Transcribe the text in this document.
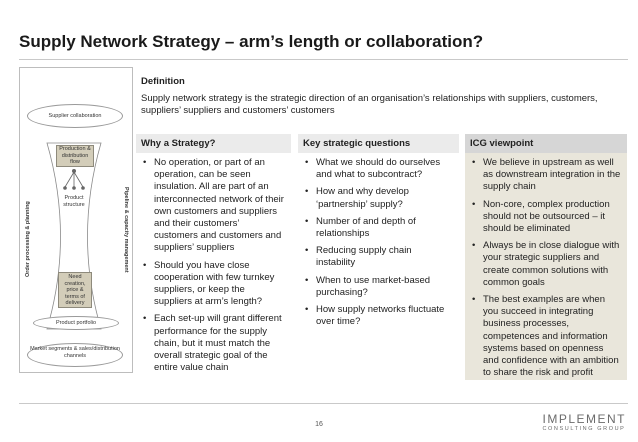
Supply Network Strategy – arm’s length or collaboration?
Supplier collaboration
Production & distribution flow
Product structure
Need creation, price & terms of delivery
Product portfolio
Market segments & sales/distribution channels
Order processing & planning	Pipeline & capacity management
Definition
Supply network strategy is the strategic direction of an organisation’s relationships with suppliers, customers, suppliers’ suppliers and customers’ customers
Why a Strategy?
• No operation, or part of an operation, can be seen insulation. All are part of an interconnected network of their own customers and suppliers and their customers’ customers and customers and suppliers’ suppliers
• Should you have close cooperation with few turnkey suppliers, or keep the suppliers at arm’s length?
• Each set-up will grant different performance for the supply chain, but it must match the overall strategic goal of the entire value chain
Key strategic questions
• What we should do ourselves and what to subcontract?
• How and why develop ‘partnership’ supply?
• Number of and depth of relationships
• Reducing supply chain instability
• When to use market-based purchasing?
• How supply networks fluctuate over time?
ICG viewpoint
• We believe in upstream as well as downstream integration in the supply chain
• Non-core, complex production should not be outsourced – it should be eliminated
• Always be in close dialogue with your strategic suppliers and create common solutions with common goals
• The best examples are when you succeed in integrating business processes, competences and information systems based on openness and confidence with an ambition to share the risk and profit
16	IMPLEMENT
CONSULTING GROUP
